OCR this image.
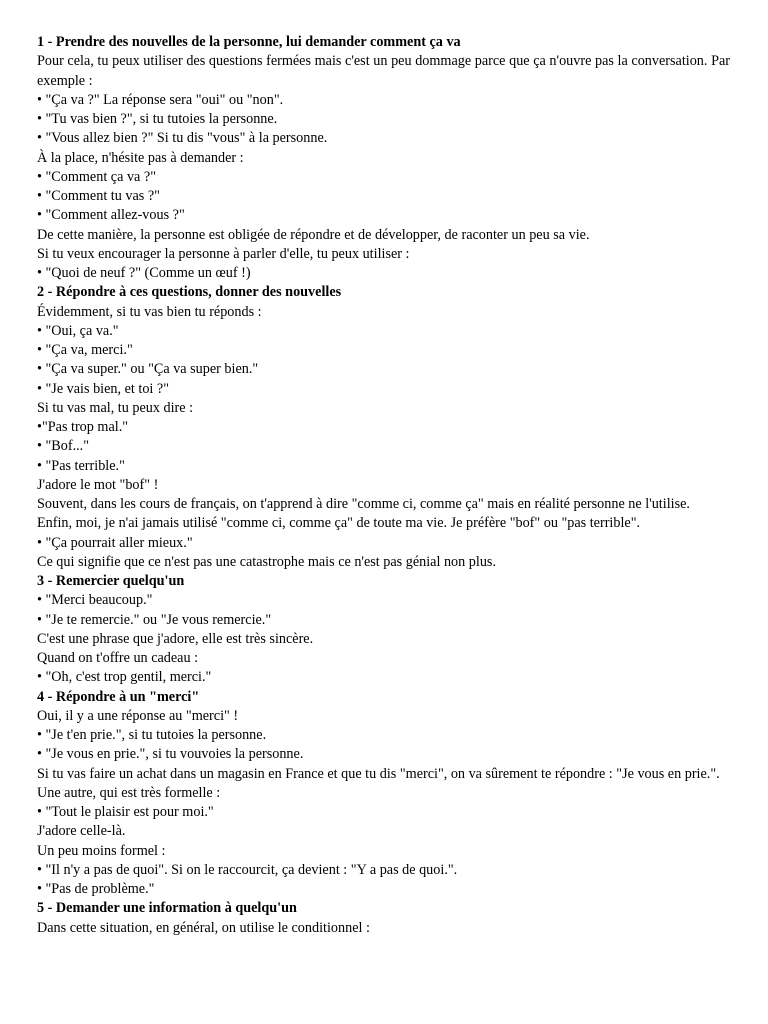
1 - Prendre des nouvelles de la personne, lui demander comment ça va

Pour cela, tu peux utiliser des questions fermées mais c'est un peu dommage parce que ça n'ouvre pas la conversation. Par exemple :

• "Ça va ?" La réponse sera "oui" ou "non".

• "Tu vas bien ?", si tu tutoies la personne.

• "Vous allez bien ?" Si tu dis "vous" à la personne.

À la place, n'hésite pas à demander :

• "Comment ça va ?"

• "Comment tu vas ?"

• "Comment allez-vous ?"

De cette manière, la personne est obligée de répondre et de développer, de raconter un peu sa vie.

Si tu veux encourager la personne à parler d'elle, tu peux utiliser :

• "Quoi de neuf ?" (Comme un œuf !)

2 - Répondre à ces questions, donner des nouvelles

Évidemment, si tu vas bien tu réponds :

• "Oui, ça va."

• "Ça va, merci."

• "Ça va super." ou "Ça va super bien."

• "Je vais bien, et toi ?"

Si tu vas mal, tu peux dire :

•"Pas trop mal."

• "Bof..."

• "Pas terrible."

J'adore le mot "bof" !

Souvent, dans les cours de français, on t'apprend à dire "comme ci, comme ça" mais en réalité personne ne l'utilise.

Enfin, moi, je n'ai jamais utilisé "comme ci, comme ça" de toute ma vie. Je préfère "bof" ou "pas terrible".

• "Ça pourrait aller mieux."

Ce qui signifie que ce n'est pas une catastrophe mais ce n'est pas génial non plus.

3 - Remercier quelqu'un

• "Merci beaucoup."

• "Je te remercie." ou "Je vous remercie."

C'est une phrase que j'adore, elle est très sincère.

Quand on t'offre un cadeau :

• "Oh, c'est trop gentil, merci."

4 - Répondre à un "merci"

Oui, il y a une réponse au "merci" !

• "Je t'en prie.", si tu tutoies la personne.

• "Je vous en prie.", si tu vouvoies la personne.

Si tu vas faire un achat dans un magasin en France et que tu dis "merci", on va sûrement te répondre : "Je vous en prie.".

Une autre, qui est très formelle :

• "Tout le plaisir est pour moi."

J'adore celle-là.

Un peu moins formel :

• "Il n'y a pas de quoi". Si on le raccourcit, ça devient : "Y a pas de quoi.".

• "Pas de problème."

5 - Demander une information à quelqu'un

Dans cette situation, en général, on utilise le conditionnel :
